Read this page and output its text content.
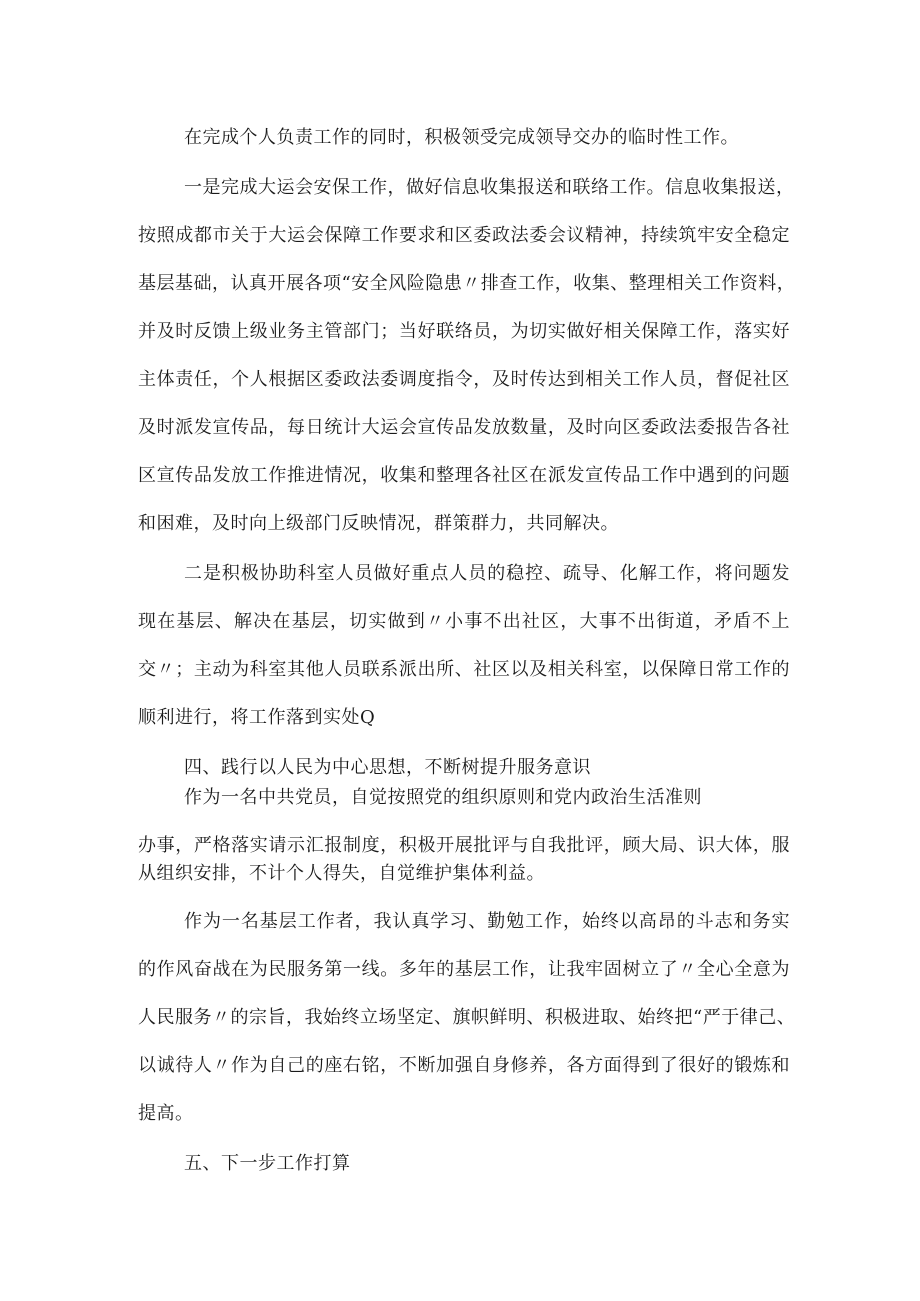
在完成个人负责工作的同时，积极领受完成领导交办的临时性工作。
一是完成大运会安保工作，做好信息收集报送和联络工作。信息收集报送，
按照成都市关于大运会保障工作要求和区委政法委会议精神，持续筑牢安全稳定
基层基础，认真开展各项“安全风险隐患〃排查工作，收集、整理相关工作资料，
并及时反馈上级业务主管部门；当好联络员，为切实做好相关保障工作，落实好
主体责任，个人根据区委政法委调度指令，及时传达到相关工作人员，督促社区
及时派发宣传品，每日统计大运会宣传品发放数量，及时向区委政法委报告各社
区宣传品发放工作推进情况，收集和整理各社区在派发宣传品工作中遇到的问题
和困难，及时向上级部门反映情况，群策群力，共同解决。
二是积极协助科室人员做好重点人员的稳控、疏导、化解工作，将问题发
现在基层、解决在基层，切实做到〃小事不出社区，大事不出街道，矛盾不上
交〃；主动为科室其他人员联系派出所、社区以及相关科室，以保障日常工作的
顺利进行，将工作落到实处Q
四、践行以人民为中心思想，不断树提升服务意识
作为一名中共党员，自觉按照党的组织原则和党内政治生活准则
办事，严格落实请示汇报制度，积极开展批评与自我批评，顾大局、识大体，服
从组织安排，不计个人得失，自觉维护集体利益。
作为一名基层工作者，我认真学习、勤勉工作，始终以高昂的斗志和务实
的作风奋战在为民服务第一线。多年的基层工作，让我牢固树立了〃全心全意为
人民服务〃的宗旨，我始终立场坚定、旗帜鲜明、积极进取、始终把“严于律己、
以诚待人〃作为自己的座右铭，不断加强自身修养，各方面得到了很好的锻炼和
提高。
五、下一步工作打算
